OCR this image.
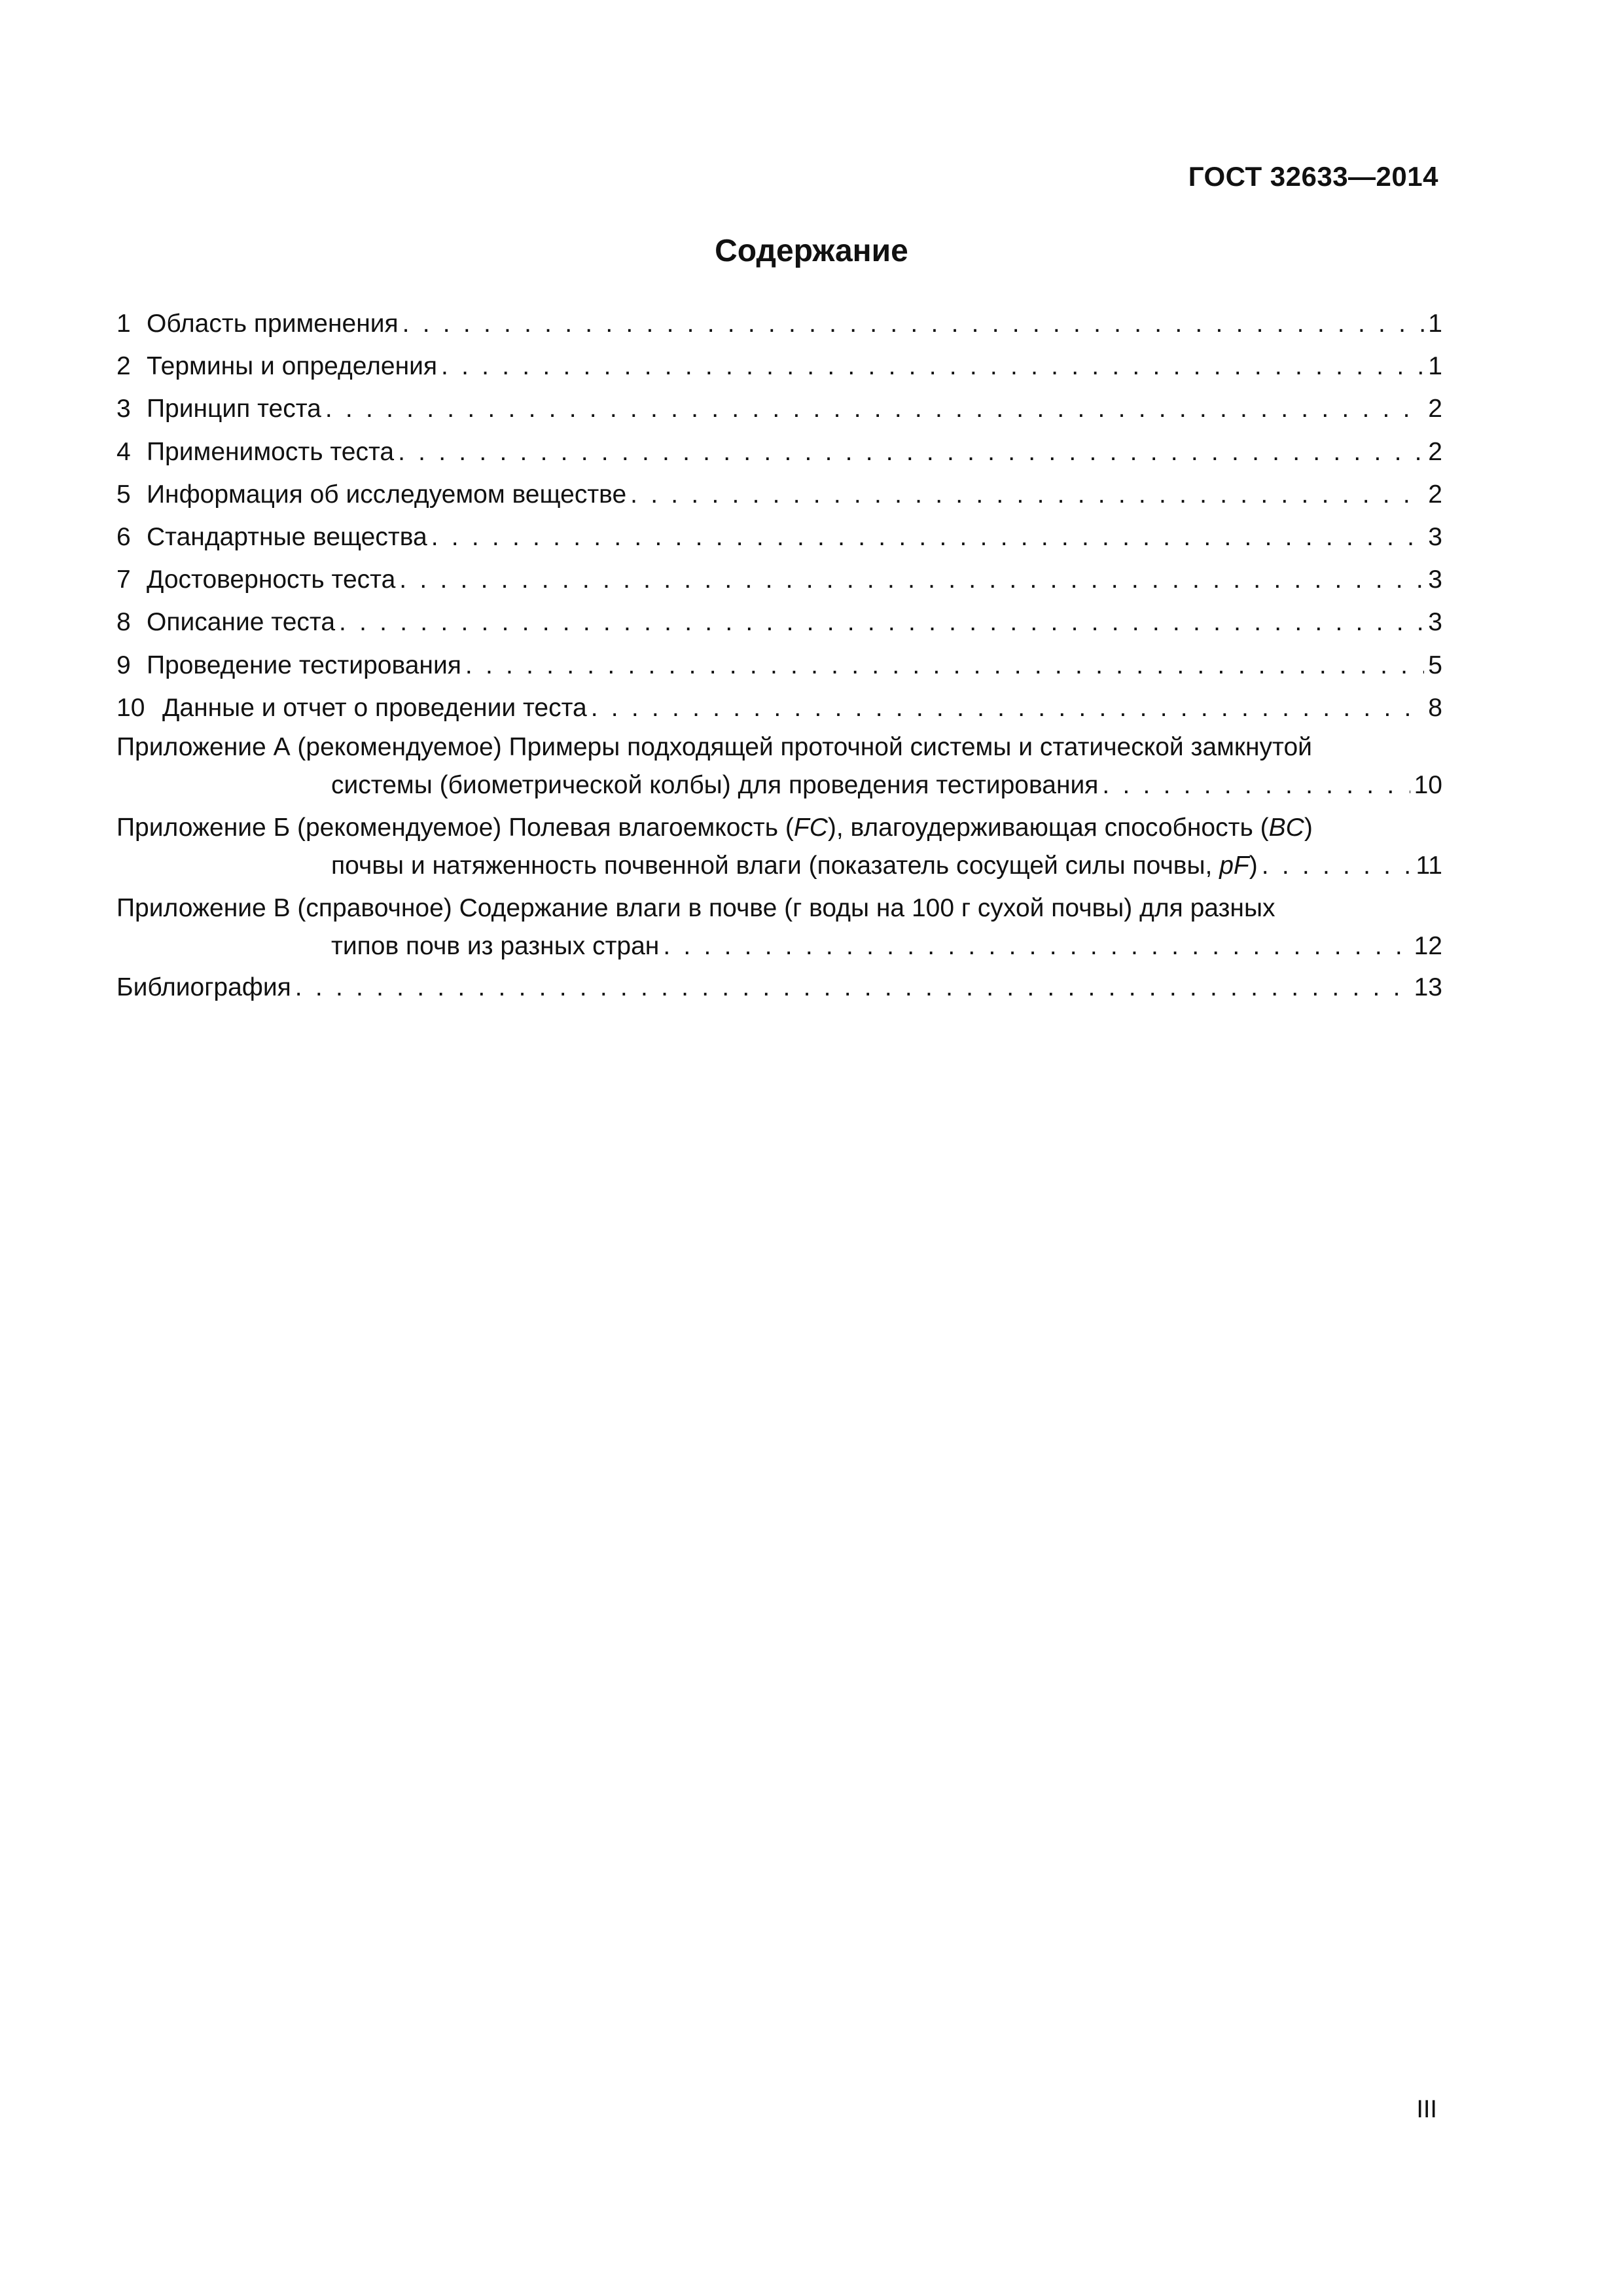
ГОСТ 32633—2014
Содержание
1 Область применения . . .	1
2 Термины и определения . . .	1
3 Принцип теста . . .	2
4 Применимость теста . . .	2
5 Информация об исследуемом веществе . . .	2
6 Стандартные вещества . . .	3
7 Достоверность теста . . .	3
8 Описание теста . . .	3
9 Проведение тестирования . . .	5
10 Данные и отчет о проведении теста . . .	8
Приложение А (рекомендуемое) Примеры подходящей проточной системы и статической замкнутой
системы (биометрической колбы) для проведения тестирования . . .	10
Приложение Б (рекомендуемое) Полевая влагоемкость (FC), влагоудерживающая способность (BC)
почвы и натяженность почвенной влаги (показатель сосущей силы почвы, pF) . . .	11
Приложение В (справочное) Содержание влаги в почве (г воды на 100 г сухой почвы) для разных
типов почв из разных стран . . .	12
Библиография . . .	13
III
